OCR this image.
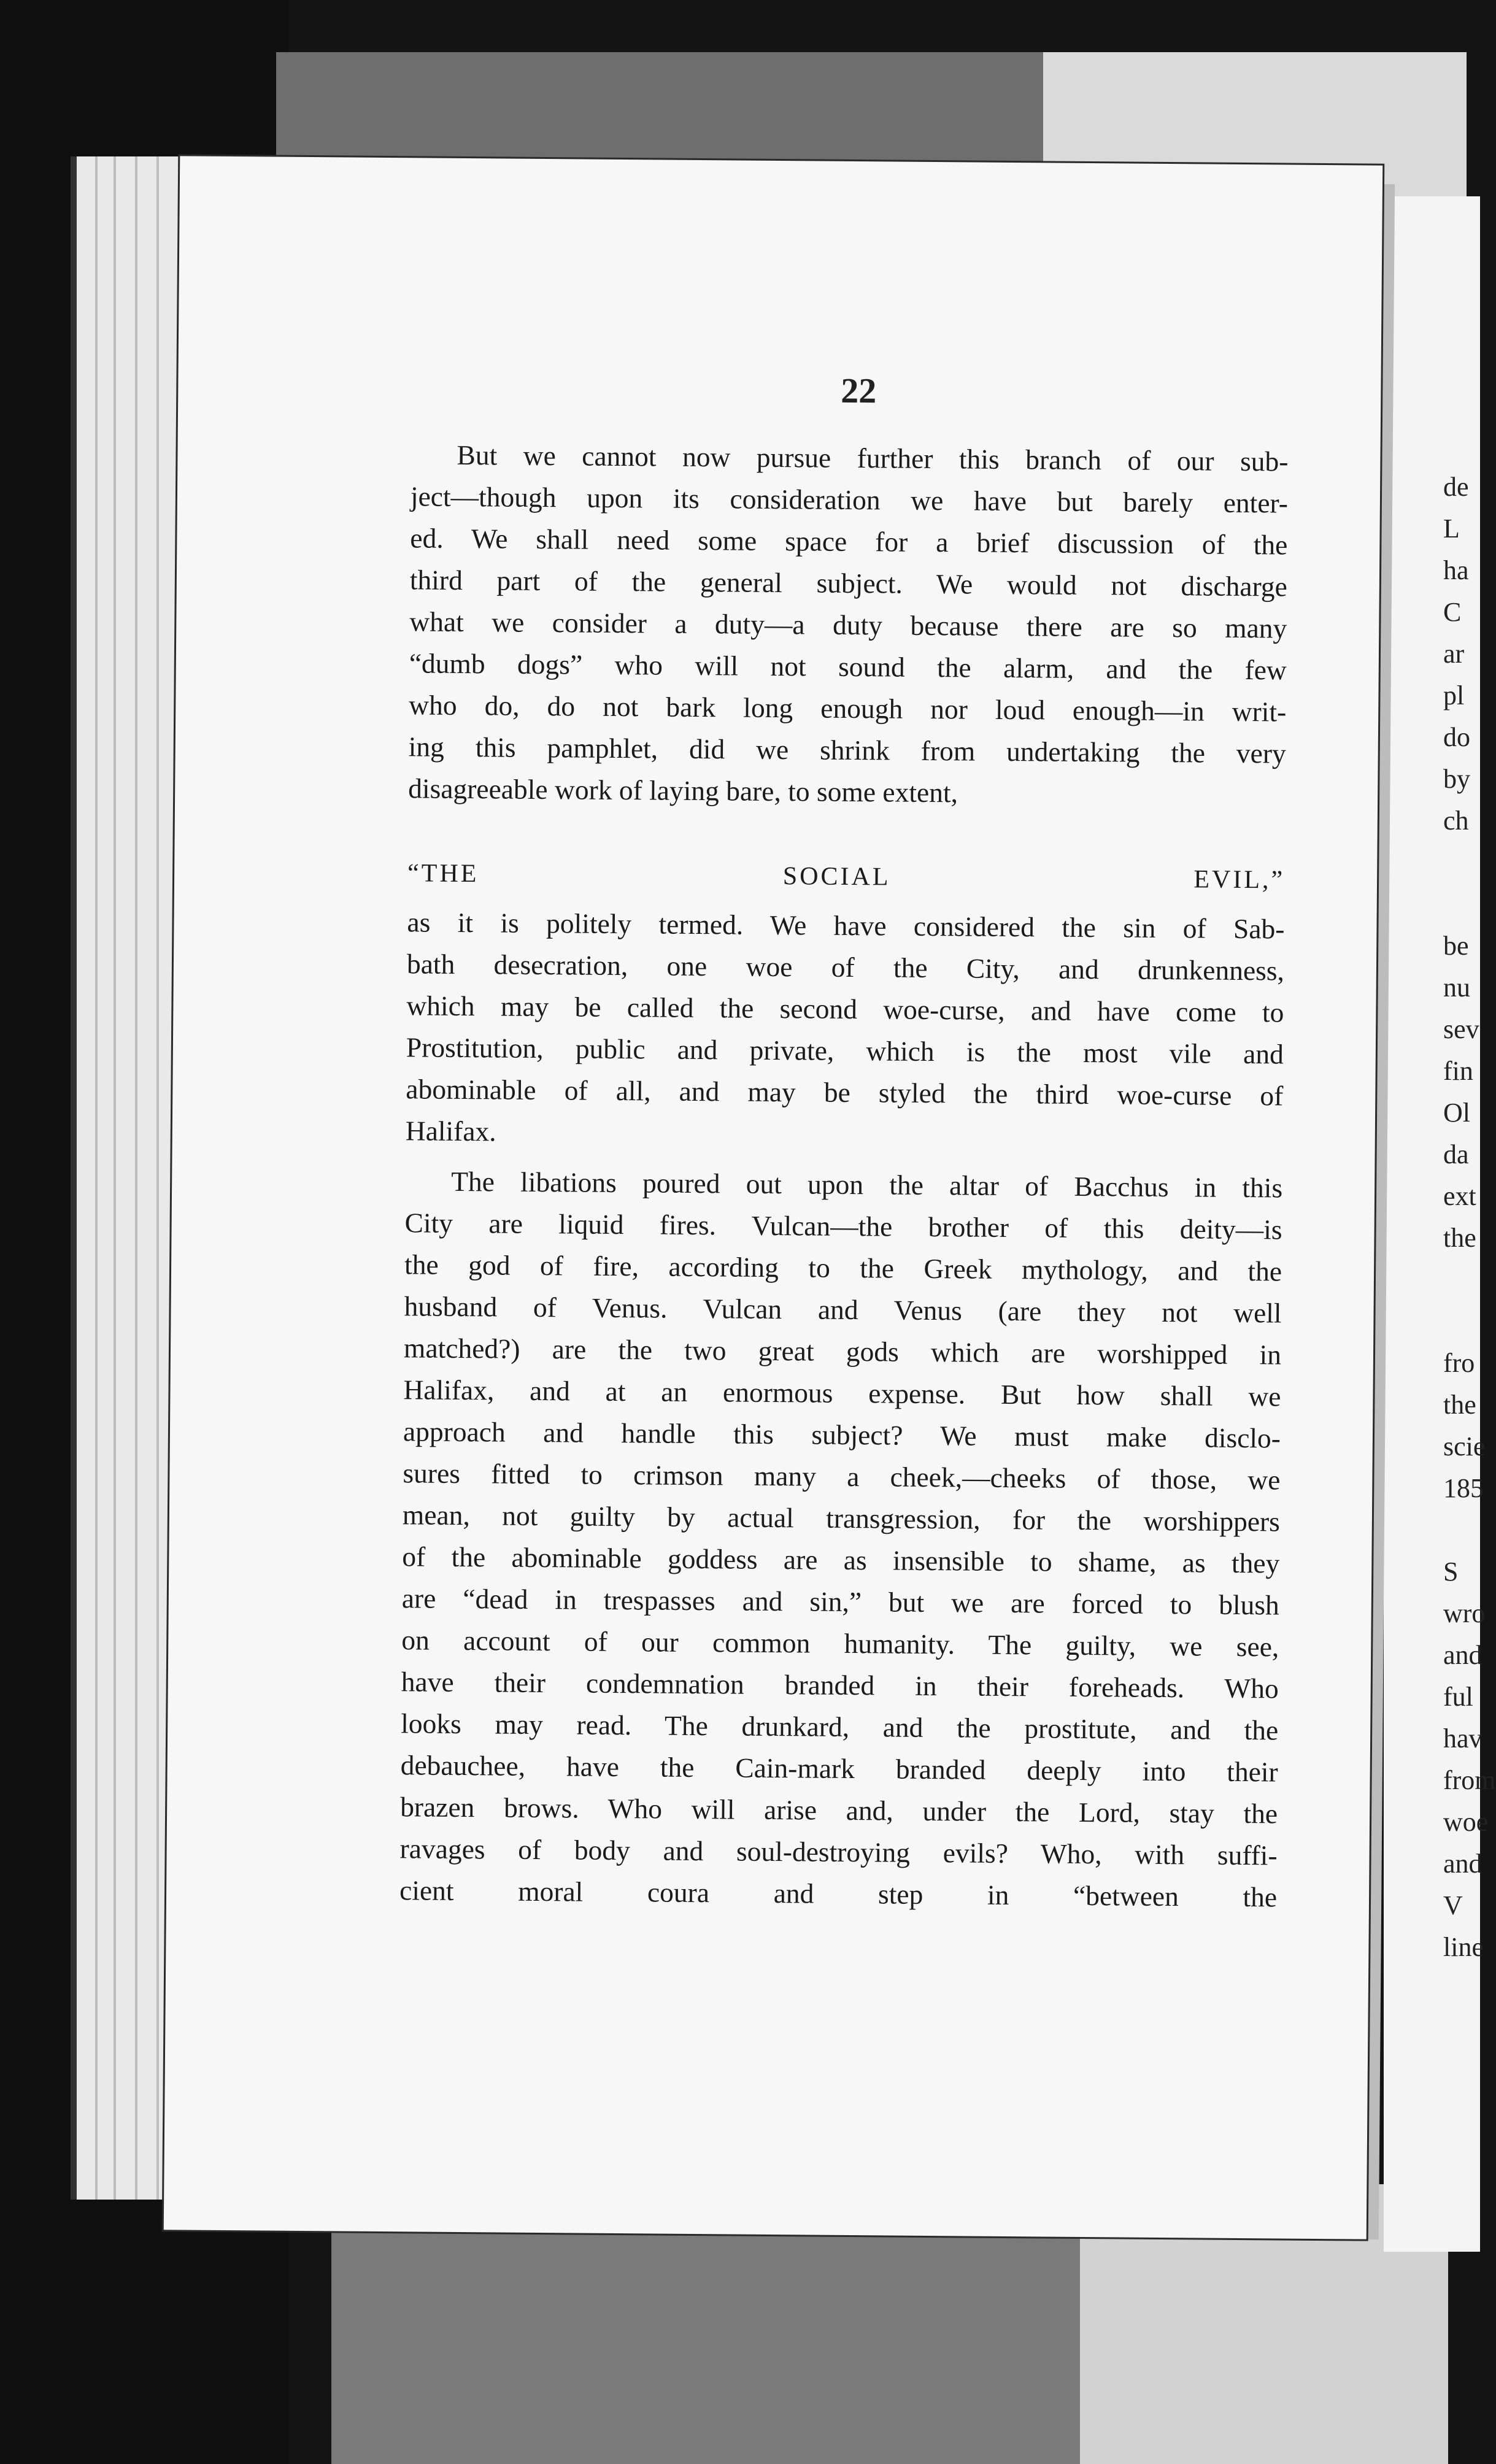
de
L
ha
C
ar
pl
do
by
ch
be
nu
sev
fin
Ol
da
ext
the
fro
the
scie
185
S
wro
and
ful
hav
from
woe
and
V
line
22
But we cannot now pursue further this branch of our sub-
ject—though upon its consideration we have but barely enter-
ed. We shall need some space for a brief discussion of the
third part of the general subject. We would not discharge
what we consider a duty—a duty because there are so many
“dumb dogs” who will not sound the alarm, and the few
who do, do not bark long enough nor loud enough—in writ-
ing this pamphlet, did we shrink from undertaking the very
disagreeable work of laying bare, to some extent,
“THE SOCIAL EVIL,”
as it is politely termed. We have considered the sin of Sab-
bath desecration, one woe of the City, and drunkenness,
which may be called the second woe-curse, and have come to
Prostitution, public and private, which is the most vile and
abominable of all, and may be styled the third woe-curse of
Halifax.
The libations poured out upon the altar of Bacchus in this
City are liquid fires. Vulcan—the brother of this deity—is
the god of fire, according to the Greek mythology, and the
husband of Venus. Vulcan and Venus (are they not well
matched?) are the two great gods which are worshipped in
Halifax, and at an enormous expense. But how shall we
approach and handle this subject? We must make disclo-
sures fitted to crimson many a cheek,—cheeks of those, we
mean, not guilty by actual transgression, for the worshippers
of the abominable goddess are as insensible to shame, as they
are “dead in trespasses and sin,” but we are forced to blush
on account of our common humanity. The guilty, we see,
have their condemnation branded in their foreheads. Who
looks may read. The drunkard, and the prostitute, and the
debauchee, have the Cain-mark branded deeply into their
brazen brows. Who will arise and, under the Lord, stay the
ravages of body and soul-destroying evils? Who, with suffi-
cient moral coura and step in “between the
